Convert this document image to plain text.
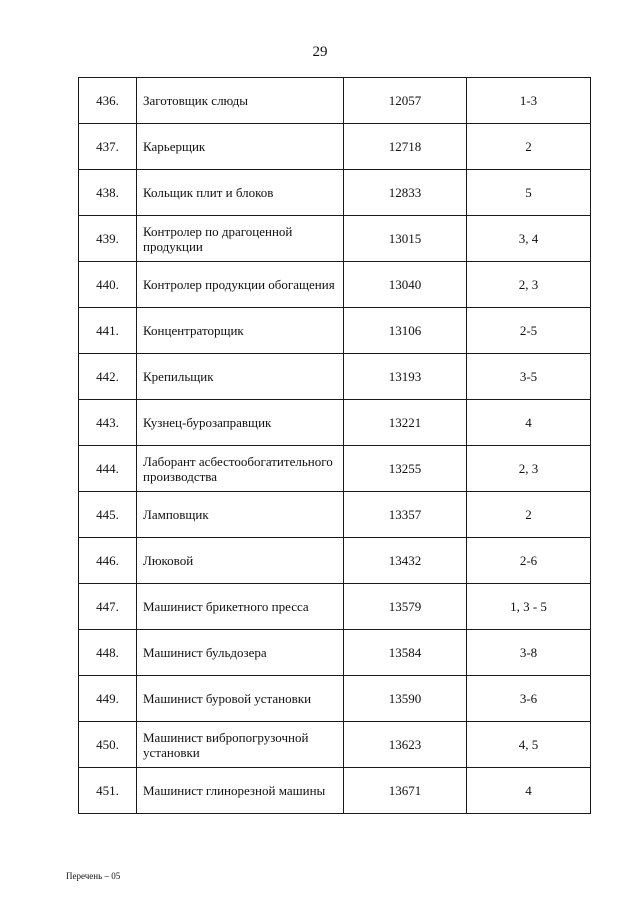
29
436.	Заготовщик слюды	12057	1-3
437.	Карьерщик	12718	2
438.	Кольщик плит и блоков	12833	5
439.	Контролер по драгоценной продукции	13015	3, 4
440.	Контролер продукции обогащения	13040	2, 3
441.	Концентраторщик	13106	2-5
442.	Крепильщик	13193	3-5
443.	Кузнец-бурозаправщик	13221	4
444.	Лаборант асбестообогатительного производства	13255	2, 3
445.	Ламповщик	13357	2
446.	Люковой	13432	2-6
447.	Машинист брикетного пресса	13579	1, 3 - 5
448.	Машинист бульдозера	13584	3-8
449.	Машинист буровой установки	13590	3-6
450.	Машинист вибропогрузочной установки	13623	4, 5
451.	Машинист глинорезной машины	13671	4
Перечень – 05
